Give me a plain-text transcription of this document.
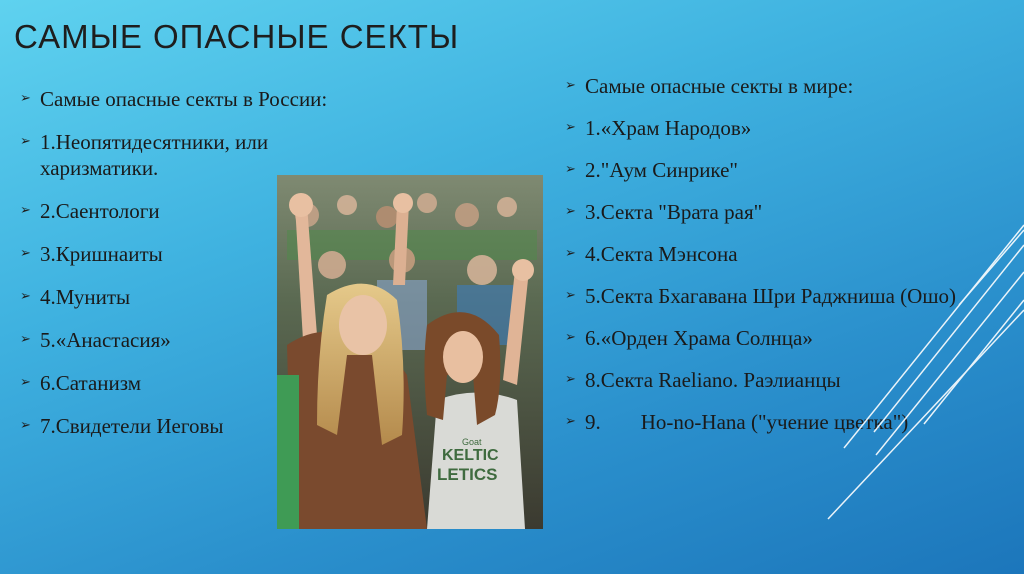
САМЫЕ ОПАСНЫЕ СЕКТЫ
➢ Самые опасные секты в России:
➢ 1.Неопятидесятники, или харизматики.
➢ 2.Саентологи
➢ 3.Кришнаиты
➢ 4.Муниты
➢ 5.«Анастасия»
➢ 6.Сатанизм
➢ 7.Свидетели Иеговы
KELTIC
Goat
LETICS
➢ Самые опасные секты в мире:
➢ 1.«Храм Народов»
➢ 2."Аум Синрике"
➢ 3.Секта "Врата рая"
➢ 4.Секта Мэнсона
➢ 5.Секта Бхагавана Шри Раджниша (Ошо)
➢ 6.«Орден Храма Солнца»
➢ 8.Секта Raeliano. Раэлианцы
➢ 9. Ho-no-Hana ("учение цветка")
